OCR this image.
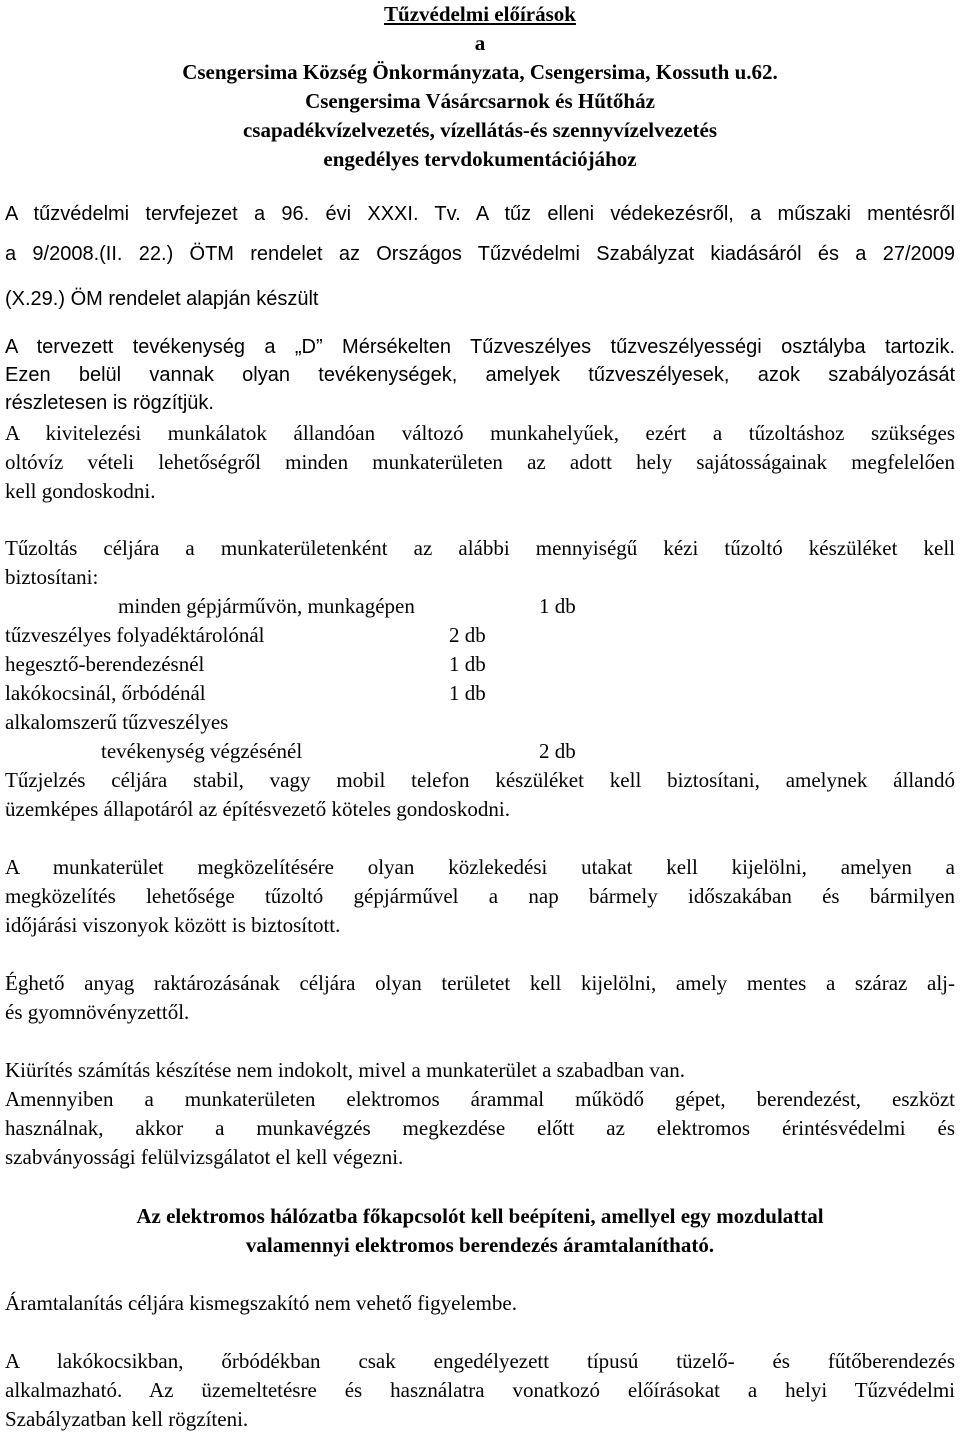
Tűzvédelmi előírások
a
Csengersima Község Önkormányzata, Csengersima, Kossuth u.62.
Csengersima Vásárcsarnok és Hűtőház
csapadékvízelvezetés, vízellátás-és szennyvízelvezetés
engedélyes tervdokumentációjához
A tűzvédelmi tervfejezet a 96. évi XXXI. Tv. A tűz elleni védekezésről, a műszaki mentésről
a 9/2008.(II. 22.) ÖTM rendelet az Országos Tűzvédelmi Szabályzat kiadásáról és a 27/2009
(X.29.) ÖM rendelet alapján készült
A tervezett tevékenység a „D” Mérsékelten Tűzveszélyes tűzveszélyességi osztályba tartozik.
Ezen belül vannak olyan tevékenységek, amelyek tűzveszélyesek, azok szabályozását
részletesen is rögzítjük.
A kivitelezési munkálatok állandóan változó munkahelyűek, ezért a tűzoltáshoz szükséges
oltóvíz vételi lehetőségről minden munkaterületen az adott hely sajátosságainak megfelelően
kell gondoskodni.
Tűzoltás céljára a munkaterületenként az alábbi mennyiségű kézi tűzoltó készüléket kell
biztosítani:
minden gépjárművön, munkagépen	1 db
tűzveszélyes folyadéktárolónál	2 db
hegesztő-berendezésnél	1 db
lakókocsinál, őrbódénál	1 db
alkalomszerű tűzveszélyes
tevékenység végzésénél	2 db
Tűzjelzés céljára stabil, vagy mobil telefon készüléket kell biztosítani, amelynek állandó
üzemképes állapotáról az építésvezető köteles gondoskodni.
A munkaterület megközelítésére olyan közlekedési utakat kell kijelölni, amelyen a
megközelítés lehetősége tűzoltó gépjárművel a nap bármely időszakában és bármilyen
időjárási viszonyok között is biztosított.
Éghető anyag raktározásának céljára olyan területet kell kijelölni, amely mentes a száraz alj-
és gyomnövényzettől.
Kiürítés számítás készítése nem indokolt, mivel a munkaterület a szabadban van.
Amennyiben a munkaterületen elektromos árammal működő gépet, berendezést, eszközt
használnak, akkor a munkavégzés megkezdése előtt az elektromos érintésvédelmi és
szabványossági felülvizsgálatot el kell végezni.
Az elektromos hálózatba főkapcsolót kell beépíteni, amellyel egy mozdulattal
valamennyi elektromos berendezés áramtalanítható.
Áramtalanítás céljára kismegszakító nem vehető figyelembe.
A lakókocsikban, őrbódékban csak engedélyezett típusú tüzelő- és fűtőberendezés
alkalmazható. Az üzemeltetésre és használatra vonatkozó előírásokat a helyi Tűzvédelmi
Szabályzatban kell rögzíteni.
